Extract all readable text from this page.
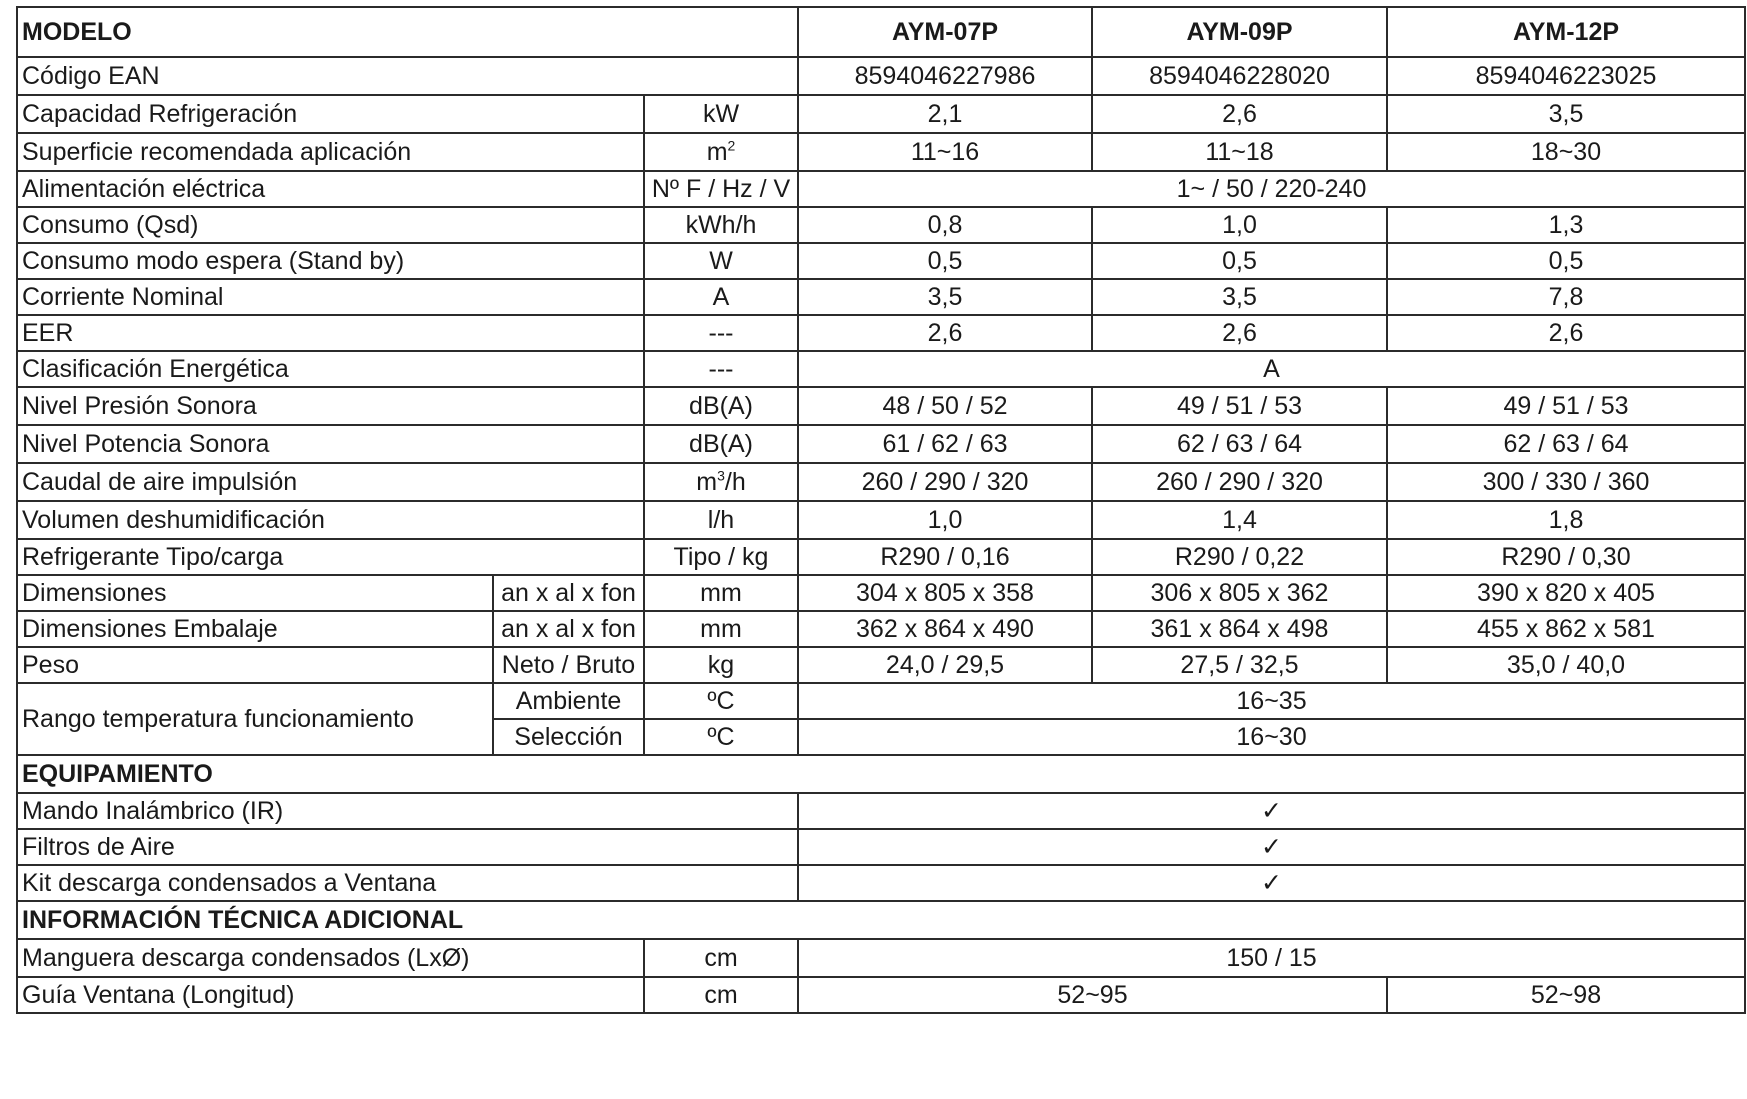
MODELO			AYM-07P	AYM-09P	AYM-12P
Código EAN			8594046227986	8594046228020	8594046223025
Capacidad Refrigeración		kW	2,1	2,6	3,5
Superficie recomendada aplicación		$m^2$	11~16	11~18	18~30
Alimentación eléctrica		Nº F / Hz / V	1~ / 50 / 220-240		
Consumo (Qsd)		kWh/h	0,8	1,0	1,3
Consumo modo espera (Stand by)		W	0,5	0,5	0,5
Corriente Nominal		A	3,5	3,5	7,8
EER		---	2,6	2,6	2,6
Clasificación Energética		---	A		
Nivel Presión Sonora		dB(A)	48 / 50 / 52	49 / 51 / 53	49 / 51 / 53
Nivel Potencia Sonora		dB(A)	61 / 62 / 63	62 / 63 / 64	62 / 63 / 64
Caudal de aire impulsión		$m^3/h$	260 / 290 / 320	260 / 290 / 320	300 / 330 / 360
Volumen deshumidificación		l/h	1,0	1,4	1,8
Refrigerante Tipo/carga		Tipo / kg	R290 / 0,16	R290 / 0,22	R290 / 0,30
Dimensiones	an x al x fon	mm	304 x 805 x 358	306 x 805 x 362	390 x 820 x 405
Dimensiones Embalaje	an x al x fon	mm	362 x 864 x 490	361 x 864 x 498	455 x 862 x 581
Peso	Neto / Bruto	kg	24,0 / 29,5	27,5 / 32,5	35,0 / 40,0
Rango temperatura funcionamiento	Ambiente	ºC	16~35		
	Selección	ºC	16~30		
EQUIPAMIENTO					
Mando Inalámbrico (IR)			✓		
Filtros de Aire			✓		
Kit descarga condensados a Ventana			✓		
INFORMACIÓN TÉCNICA ADICIONAL					
Manguera descarga condensados (LxØ)		cm	150 / 15		
Guía Ventana (Longitud)		cm	52~95		52~98
